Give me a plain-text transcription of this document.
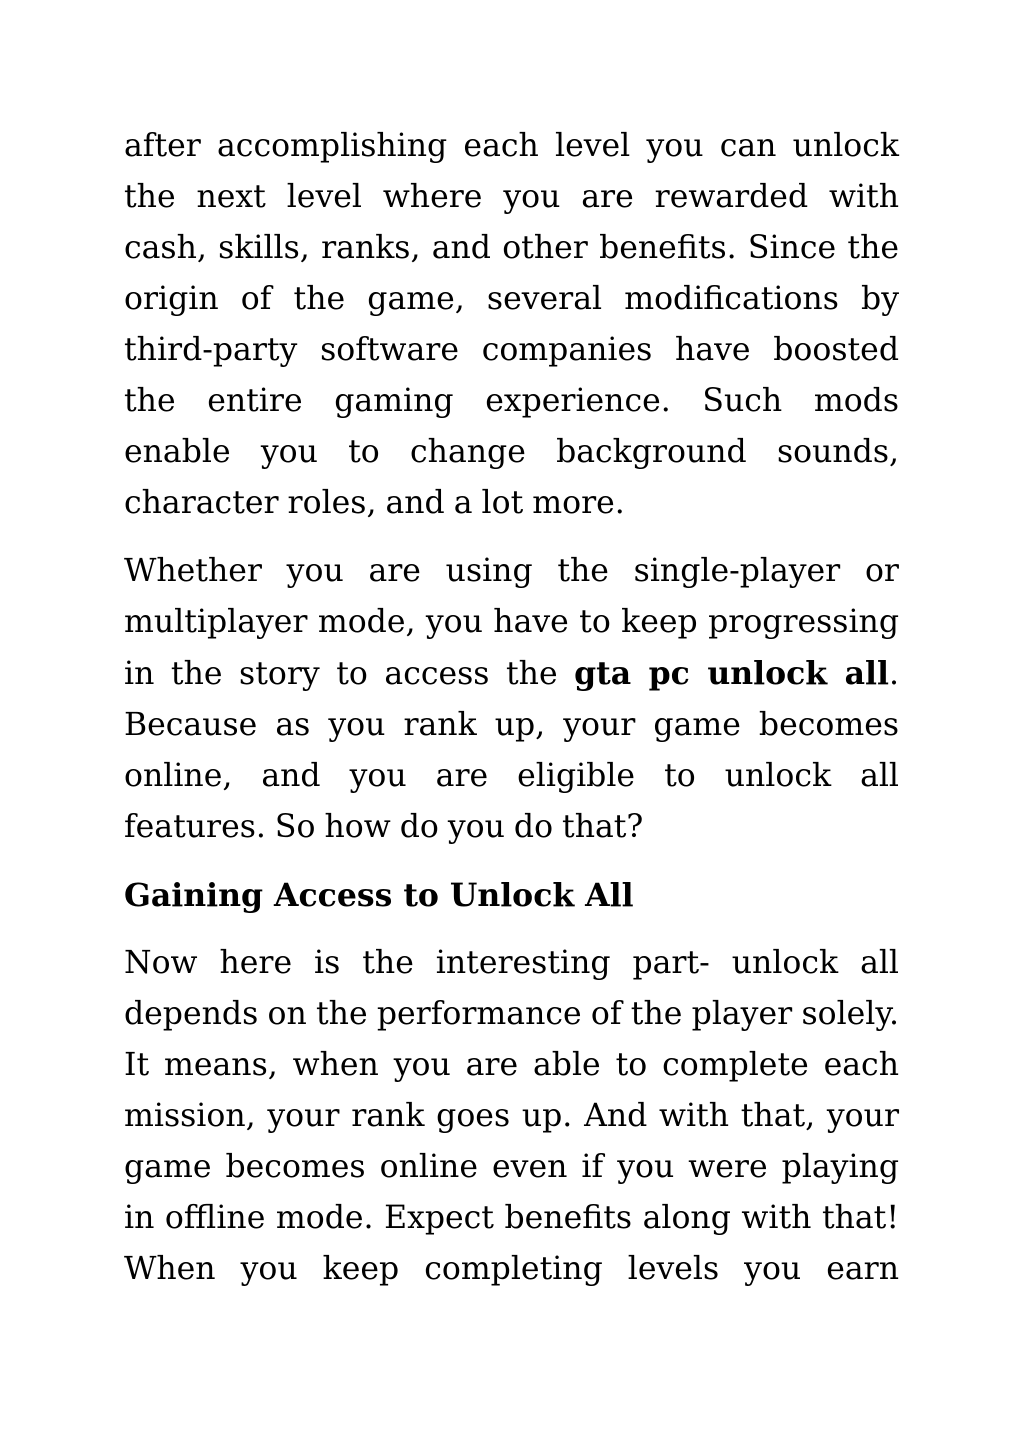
after accomplishing each level you can unlock the next level where you are rewarded with cash, skills, ranks, and other benefits. Since the origin of the game, several modifications by third-party software companies have boosted the entire gaming experience. Such mods enable you to change background sounds, character roles, and a lot more.

Whether you are using the single-player or multiplayer mode, you have to keep progressing in the story to access the gta pc unlock all. Because as you rank up, your game becomes online, and you are eligible to unlock all features. So how do you do that?

Gaining Access to Unlock All

Now here is the interesting part- unlock all depends on the performance of the player solely. It means, when you are able to complete each mission, your rank goes up. And with that, your game becomes online even if you were playing in offline mode. Expect benefits along with that! When you keep completing levels you earn
